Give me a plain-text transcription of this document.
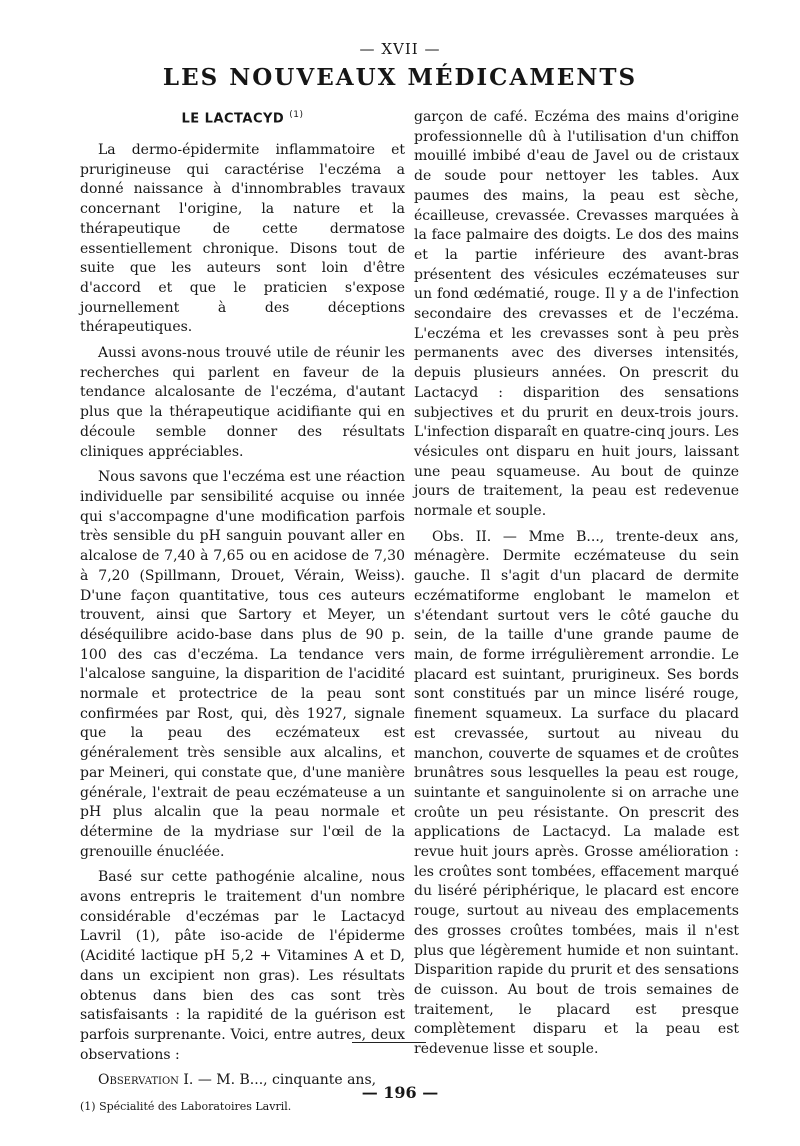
— XVII —
LES NOUVEAUX MÉDICAMENTS
LE LACTACYD $^{(1)}$

La dermo-épidermite inflammatoire et prurigineuse qui caractérise l'eczéma a donné naissance à d'innombrables travaux concernant l'origine, la nature et la thérapeutique de cette dermatose essentiellement chronique. Disons tout de suite que les auteurs sont loin d'être d'accord et que le praticien s'expose journellement à des déceptions thérapeutiques.

Aussi avons-nous trouvé utile de réunir les recherches qui parlent en faveur de la tendance alcalosante de l'eczéma, d'autant plus que la thérapeutique acidifiante qui en découle semble donner des résultats cliniques appréciables.

Nous savons que l'eczéma est une réaction individuelle par sensibilité acquise ou innée qui s'accompagne d'une modification parfois très sensible du pH sanguin pouvant aller en alcalose de 7,40 à 7,65 ou en acidose de 7,30 à 7,20 (Spillmann, Drouet, Vérain, Weiss). D'une façon quantitative, tous ces auteurs trouvent, ainsi que Sartory et Meyer, un déséquilibre acido-base dans plus de 90 p. 100 des cas d'eczéma. La tendance vers l'alcalose sanguine, la disparition de l'acidité normale et protectrice de la peau sont confirmées par Rost, qui, dès 1927, signale que la peau des eczémateux est généralement très sensible aux alcalins, et par Meineri, qui constate que, d'une manière générale, l'extrait de peau eczémateuse a un pH plus alcalin que la peau normale et détermine de la mydriase sur l'œil de la grenouille énucléée.

Basé sur cette pathogénie alcaline, nous avons entrepris le traitement d'un nombre considérable d'eczémas par le Lactacyd Lavril (1), pâte iso-acide de l'épiderme (Acidité lactique pH 5,2 + Vitamines A et D, dans un excipient non gras). Les résultats obtenus dans bien des cas sont très satisfaisants : la rapidité de la guérison est parfois surprenante. Voici, entre autres, deux observations :

Observation I. — M. B..., cinquante ans,

(1) Spécialité des Laboratoires Lavril.

garçon de café. Eczéma des mains d'origine professionnelle dû à l'utilisation d'un chiffon mouillé imbibé d'eau de Javel ou de cristaux de soude pour nettoyer les tables. Aux paumes des mains, la peau est sèche, écailleuse, crevassée. Crevasses marquées à la face palmaire des doigts. Le dos des mains et la partie inférieure des avant-bras présentent des vésicules eczémateuses sur un fond œdématié, rouge. Il y a de l'infection secondaire des crevasses et de l'eczéma. L'eczéma et les crevasses sont à peu près permanents avec des diverses intensités, depuis plusieurs années. On prescrit du Lactacyd : disparition des sensations subjectives et du prurit en deux-trois jours. L'infection disparaît en quatre-cinq jours. Les vésicules ont disparu en huit jours, laissant une peau squameuse. Au bout de quinze jours de traitement, la peau est redevenue normale et souple.

Obs. II. — Mme B..., trente-deux ans, ménagère. Dermite eczémateuse du sein gauche. Il s'agit d'un placard de dermite eczématiforme englobant le mamelon et s'étendant surtout vers le côté gauche du sein, de la taille d'une grande paume de main, de forme irrégulièrement arrondie. Le placard est suintant, prurigineux. Ses bords sont constitués par un mince liséré rouge, finement squameux. La surface du placard est crevassée, surtout au niveau du manchon, couverte de squames et de croûtes brunâtres sous lesquelles la peau est rouge, suintante et sanguinolente si on arrache une croûte un peu résistante. On prescrit des applications de Lactacyd. La malade est revue huit jours après. Grosse amélioration : les croûtes sont tombées, effacement marqué du liséré périphérique, le placard est encore rouge, surtout au niveau des emplacements des grosses croûtes tombées, mais il n'est plus que légèrement humide et non suintant. Disparition rapide du prurit et des sensations de cuisson. Au bout de trois semaines de traitement, le placard est presque complètement disparu et la peau est redevenue lisse et souple.

— 196 —
